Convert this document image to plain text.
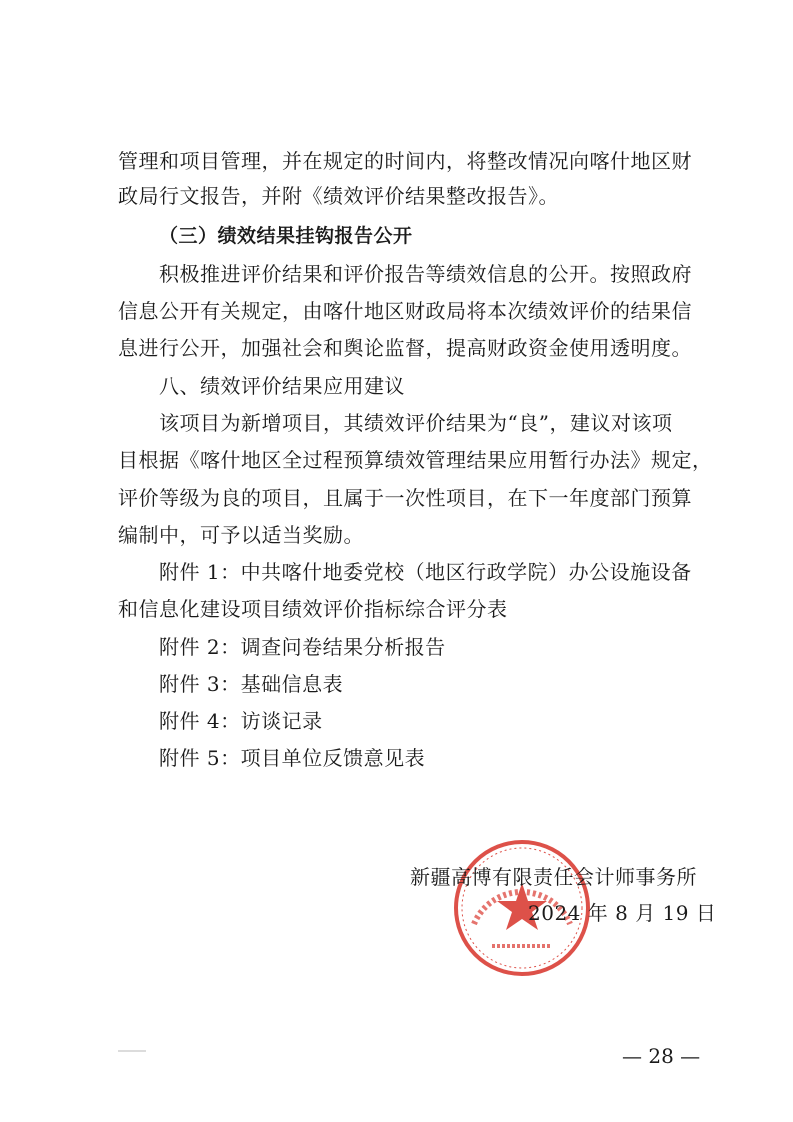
管理和项目管理，并在规定的时间内，将整改情况向喀什地区财
政局行文报告，并附《绩效评价结果整改报告》。
（三）绩效结果挂钩报告公开
积极推进评价结果和评价报告等绩效信息的公开。按照政府
信息公开有关规定，由喀什地区财政局将本次绩效评价的结果信
息进行公开，加强社会和舆论监督，提高财政资金使用透明度。
八、绩效评价结果应用建议
该项目为新增项目，其绩效评价结果为“良”，建议对该项
目根据《喀什地区全过程预算绩效管理结果应用暂行办法》规定，
评价等级为良的项目，且属于一次性项目，在下一年度部门预算
编制中，可予以适当奖励。
附件 1：中共喀什地委党校（地区行政学院）办公设施设备
和信息化建设项目绩效评价指标综合评分表
附件 2：调查问卷结果分析报告
附件 3：基础信息表
附件 4：访谈记录
附件 5：项目单位反馈意见表
新疆高博有限责任会计师事务所
2024 年 8 月 19 日
— 28 —
